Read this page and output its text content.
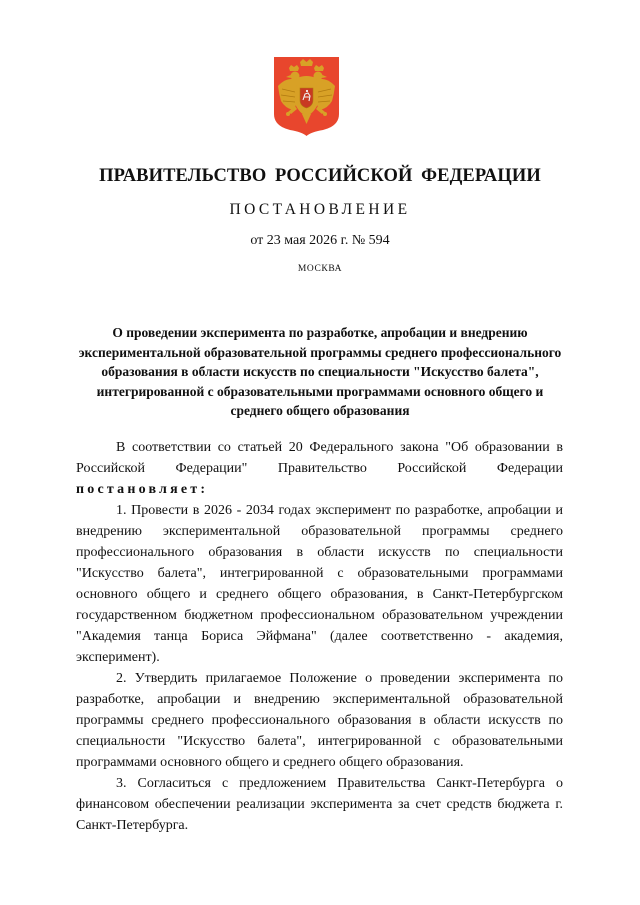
ПРАВИТЕЛЬСТВО РОССИЙСКОЙ ФЕДЕРАЦИИ
ПОСТАНОВЛЕНИЕ
от 23 мая 2026 г. № 594
МОСКВА
О проведении эксперимента по разработке, апробации и внедрению экспериментальной образовательной программы среднего профессионального образования в области искусств по специальности "Искусство балета", интегрированной с образовательными программами основного общего и среднего общего образования

В соответствии со статьей 20 Федерального закона "Об образовании в Российской Федерации" Правительство Российской Федерации постановляет:

1. Провести в 2026 - 2034 годах эксперимент по разработке, апробации и внедрению экспериментальной образовательной программы среднего профессионального образования в области искусств по специальности "Искусство балета", интегрированной с образовательными программами основного общего и среднего общего образования, в Санкт-Петербургском государственном бюджетном профессиональном образовательном учреждении "Академия танца Бориса Эйфмана" (далее соответственно - академия, эксперимент).

2. Утвердить прилагаемое Положение о проведении эксперимента по разработке, апробации и внедрению экспериментальной образовательной программы среднего профессионального образования в области искусств по специальности "Искусство балета", интегрированной с образовательными программами основного общего и среднего общего образования.

3. Согласиться с предложением Правительства Санкт-Петербурга о финансовом обеспечении реализации эксперимента за счет средств бюджета г. Санкт-Петербурга.
